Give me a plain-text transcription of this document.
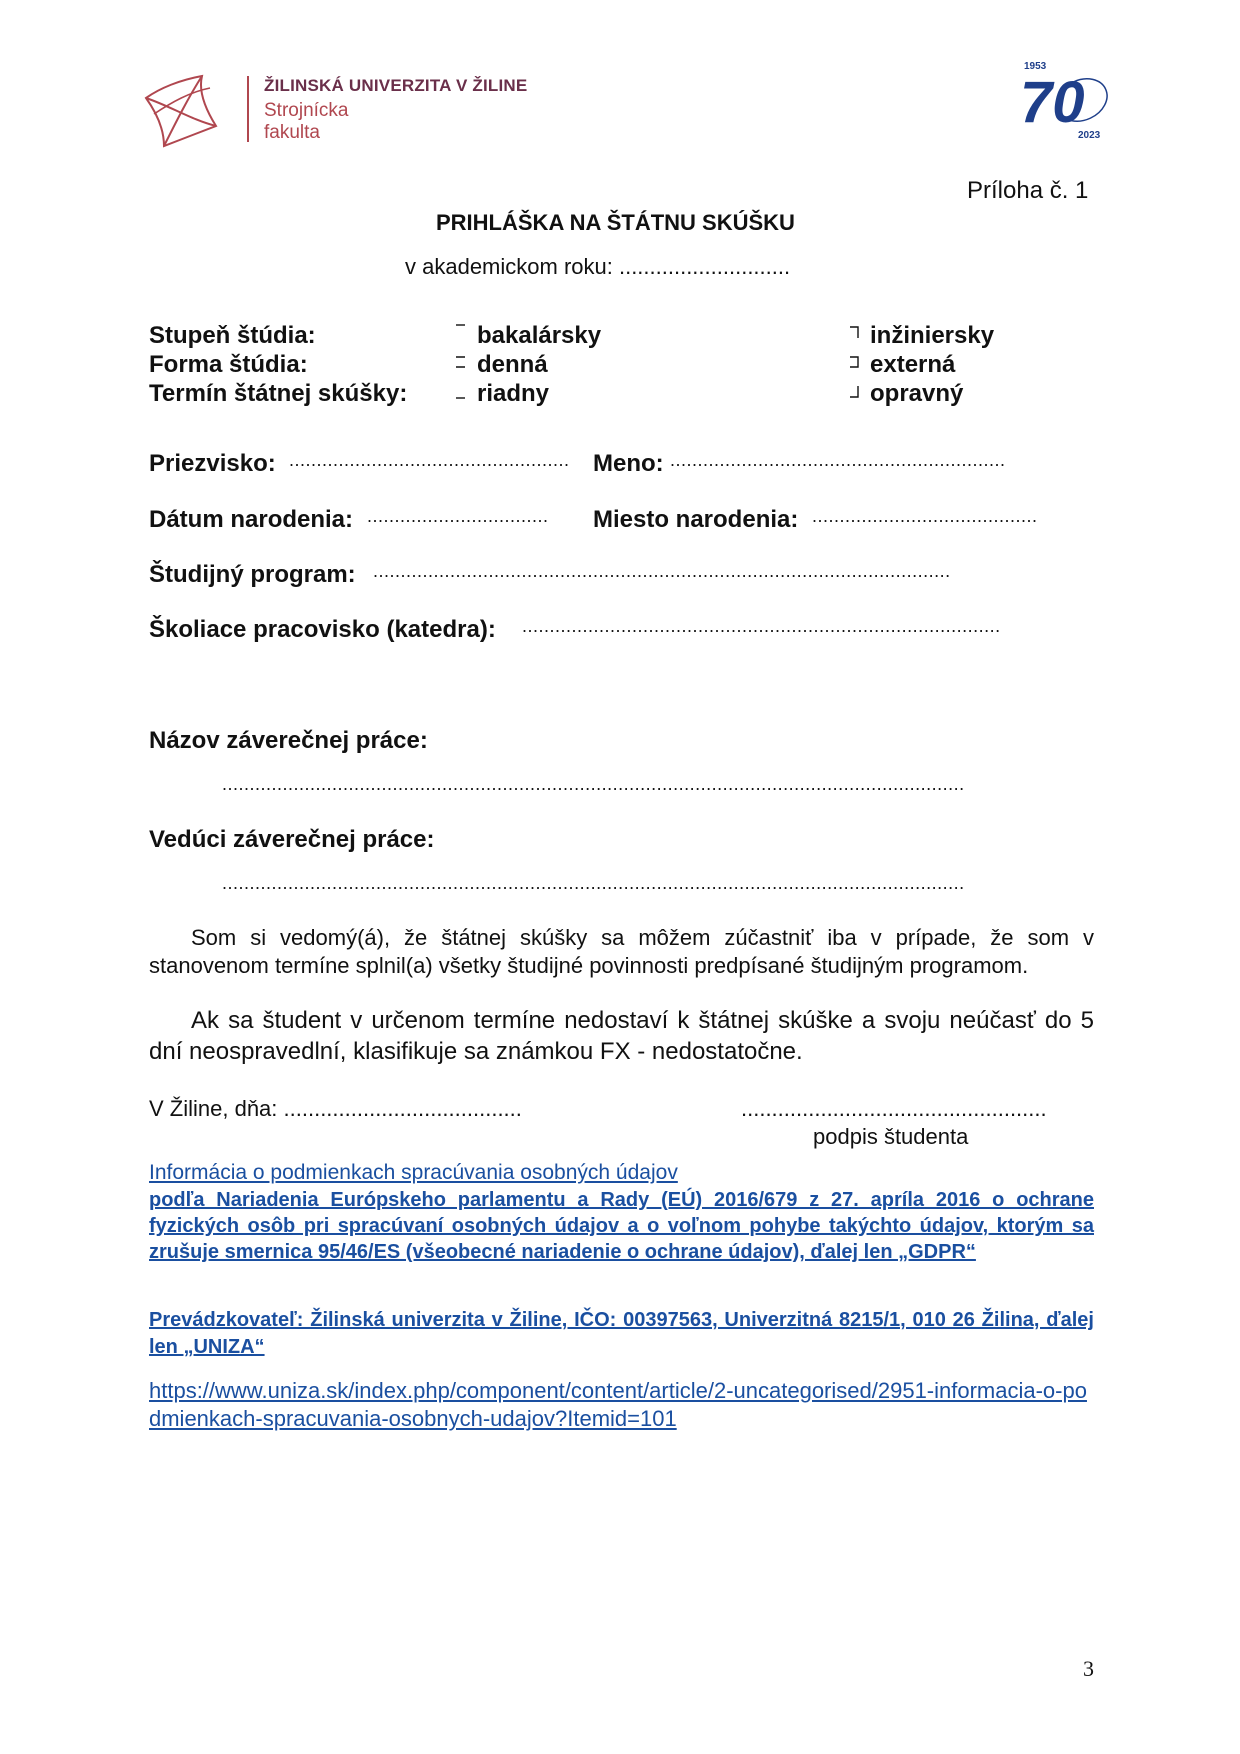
ŽILINSKÁ UNIVERZITA V ŽILINE
Strojnícka
fakulta
1953
70
2023
Príloha č. 1
PRIHLÁŠKA NA ŠTÁTNU SKÚŠKU
v akademickom roku: ............................
Stupeň štúdia:	bakalársky	inžiniersky
Forma štúdia:	denná	externá
Termín štátnej skúšky:	riadny	opravný
Priezvisko: ................................................... Meno: .............................................................
Dátum narodenia: ................................. Miesto narodenia: .........................................
Študijný program: .........................................................................................................
Školiace pracovisko (katedra): .......................................................................................
Názov záverečnej práce:
.......................................................................................................................................
Vedúci záverečnej práce:
.......................................................................................................................................
Som si vedomý(á), že štátnej skúšky sa môžem zúčastniť iba v prípade, že som v stanovenom termíne splnil(a) všetky študijné povinnosti predpísané študijným programom.
Ak sa študent v určenom termíne nedostaví k štátnej skúške a svoju neúčasť do 5 dní neospravedlní, klasifikuje sa známkou FX - nedostatočne.
V Žiline, dňa: .......................................	..................................................
podpis študenta
Informácia o podmienkach spracúvania osobných údajov
podľa Nariadenia Európskeho parlamentu a Rady (EÚ) 2016/679 z 27. apríla 2016 o ochrane fyzických osôb pri spracúvaní osobných údajov a o voľnom pohybe takýchto údajov, ktorým sa zrušuje smernica 95/46/ES (všeobecné nariadenie o ochrane údajov), ďalej len „GDPR“
Prevádzkovateľ: Žilinská univerzita v Žiline, IČO: 00397563, Univerzitná 8215/1, 010 26 Žilina, ďalej len „UNIZA“
https://www.uniza.sk/index.php/component/content/article/2-uncategorised/2951-informacia-o-podmienkach-spracuvania-osobnych-udajov?Itemid=101
3
